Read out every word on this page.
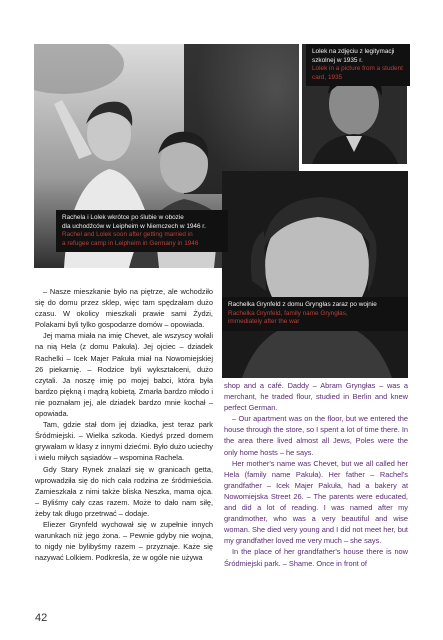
Lolek na zdjęciu z legitymacji
szkolnej w 1935 r.
Lolek in a picture from a student
card, 1935
Rachela i Lolek wkrótce po ślubie w obozie
dla uchodźców w Leipheim w Niemczech w 1946 r.
Rachel and Lolek soon after getting married in
a refugee camp in Leipheim in Germany in 1946
Rachelka Grynfeld z domu Gryngłas zaraz po wojnie
Rachelka Grynfeld, family name Gryngłas,
immediately after the war

– Nasze mieszkanie było na piętrze, ale wchodziło się do domu przez sklep, więc tam spędzałam dużo czasu. W okolicy mieszkali prawie sami Żydzi, Polakami byli tylko gospodarze domów – opowiada.

Jej mama miała na imię Chevet, ale wszyscy wołali na nią Hela (z domu Pakuła). Jej ojciec – dziadek Rachelki – Icek Majer Pakuła miał na Nowomiejskiej 26 piekarnię. – Rodzice byli wykształceni, dużo czytali. Ja noszę imię po mojej babci, która była bardzo piękną i mądrą kobietą. Zmarła bardzo młodo i nie poznałam jej, ale dziadek bardzo mnie kochał – opowiada.

Tam, gdzie stał dom jej dziadka, jest teraz park Śródmiejski. – Wielka szkoda. Kiedyś przed domem grywałam w klasy z innymi dziećmi. Było dużo uciechy i wielu miłych sąsiadów – wspomina Rachela.

Gdy Stary Rynek znalazł się w granicach getta, wprowadziła się do nich cała rodzina ze śródmieścia. Zamieszkała z nimi także bliska Neszka, mama ojca. – Byliśmy cały czas razem. Może to dało nam siłę, żeby tak długo przetrwać – dodaje.

Eliezer Grynfeld wychował się w zupełnie innych warunkach niż jego żona. – Pewnie gdyby nie wojna, to nigdy nie bylibyśmy razem – przyznaje. Każe się nazywać Lolkiem. Podkreśla, że w ogóle nie używa

shop and a café. Daddy – Abram Gryngłas – was a merchant, he traded flour, studied in Berlin and knew perfect German.

– Our apartment was on the floor, but we entered the house through the store, so I spent a lot of time there. In the area there lived almost all Jews, Poles were the only home hosts – he says.

Her mother's name was Chevet, but we all called her Hela (family name Pakuła). Her father – Rachel's grandfather – Icek Majer Pakuła, had a bakery at Nowomiejska Street 26. – The parents were educated, and did a lot of reading. I was named after my grandmother, who was a very beautiful and wise woman. She died very young and I did not meet her, but my grandfather loved me very much – she says.

In the place of her grandfather's house there is now Śródmiejski park. – Shame. Once in front of

42
